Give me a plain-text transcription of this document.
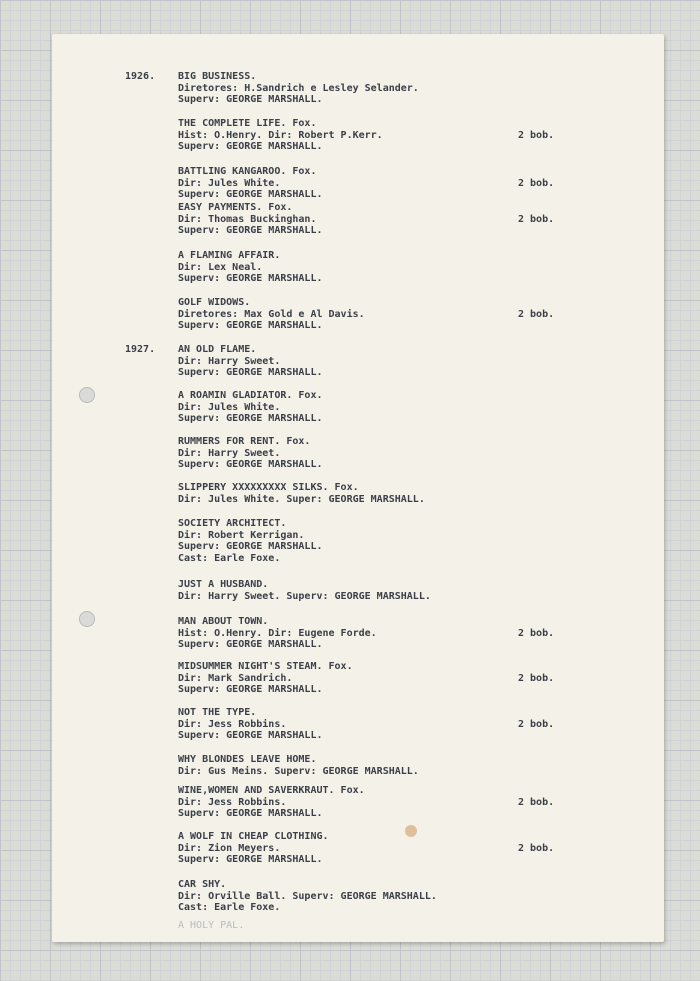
1926. BIG BUSINESS.
Diretores: H.Sandrich e Lesley Selander.
Superv: GEORGE MARSHALL.
THE COMPLETE LIFE. Fox.
Hist: O.Henry. Dir: Robert P.Kerr.
Superv: GEORGE MARSHALL.
2 bob.
BATTLING KANGAROO. Fox.
Dir: Jules White.
Superv: GEORGE MARSHALL.
2 bob.
EASY PAYMENTS. Fox.
Dir: Thomas Buckinghan.
Superv: GEORGE MARSHALL.
2 bob.
A FLAMING AFFAIR.
Dir: Lex Neal.
Superv: GEORGE MARSHALL.
GOLF WIDOWS.
Diretores: Max Gold e Al Davis.
Superv: GEORGE MARSHALL.
2 bob.
1927. AN OLD FLAME.
Dir: Harry Sweet.
Superv: GEORGE MARSHALL.
A ROAMIN GLADIATOR. Fox.
Dir: Jules White.
Superv: GEORGE MARSHALL.
RUMMERS FOR RENT. Fox.
Dir: Harry Sweet.
Superv: GEORGE MARSHALL.
SLIPPERY XXXXXXXXX SILKS. Fox.
Dir: Jules White. Super: GEORGE MARSHALL.
SOCIETY ARCHITECT.
Dir: Robert Kerrigan.
Superv: GEORGE MARSHALL.
Cast: Earle Foxe.
JUST A HUSBAND.
Dir: Harry Sweet. Superv: GEORGE MARSHALL.
MAN ABOUT TOWN.
Hist: O.Henry. Dir: Eugene Forde.
Superv: GEORGE MARSHALL.
2 bob.
MIDSUMMER NIGHT'S STEAM. Fox.
Dir: Mark Sandrich.
Superv: GEORGE MARSHALL.
2 bob.
NOT THE TYPE.
Dir: Jess Robbins.
Superv: GEORGE MARSHALL.
2 bob.
WHY BLONDES LEAVE HOME.
Dir: Gus Meins. Superv: GEORGE MARSHALL.
WINE,WOMEN AND SAVERKRAUT. Fox.
Dir: Jess Robbins.
Superv: GEORGE MARSHALL.
2 bob.
A WOLF IN CHEAP CLOTHING.
Dir: Zion Meyers.
Superv: GEORGE MARSHALL.
2 bob.
CAR SHY.
Dir: Orville Ball. Superv: GEORGE MARSHALL.
Cast: Earle Foxe.
A HOLY PAL.
